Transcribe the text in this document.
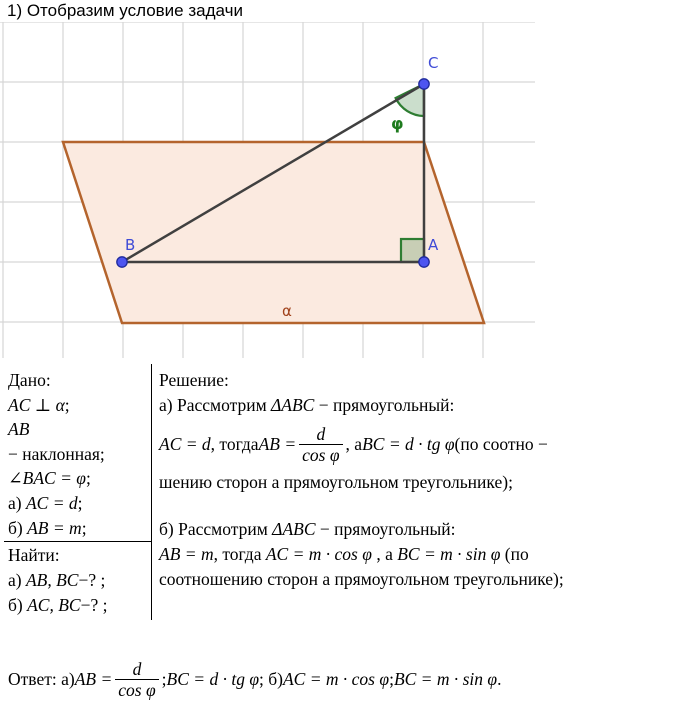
1) Отобразим условие задачи
C
B	A
φ
α
Дано:
AC ⊥ α;
AB
− наклонная;
∠BAC = φ;
а) AC = d;
б) AB = m;
Найти:
а) AB, BC−? ;
б) AC, BC−? ;
Решение:
а) Рассмотрим ΔABC − прямоугольный:
AC = d , тогда AB = $\frac{d}{\text{cos φ}}$ , а BC = d · tg φ (по соотно −
шению сторон а прямоугольном треугольнике);
б) Рассмотрим ΔABC − прямоугольный:
AB = m, тогда AC = m · cos φ , а BC = m · sin φ (по
соотношению сторон а прямоугольном треугольнике);
Ответ: а) AB = $\frac{d}{\text{cos φ}}$ ; BC = d · tg φ ; б) AC = m · cos φ ; BC = m · sin φ .
